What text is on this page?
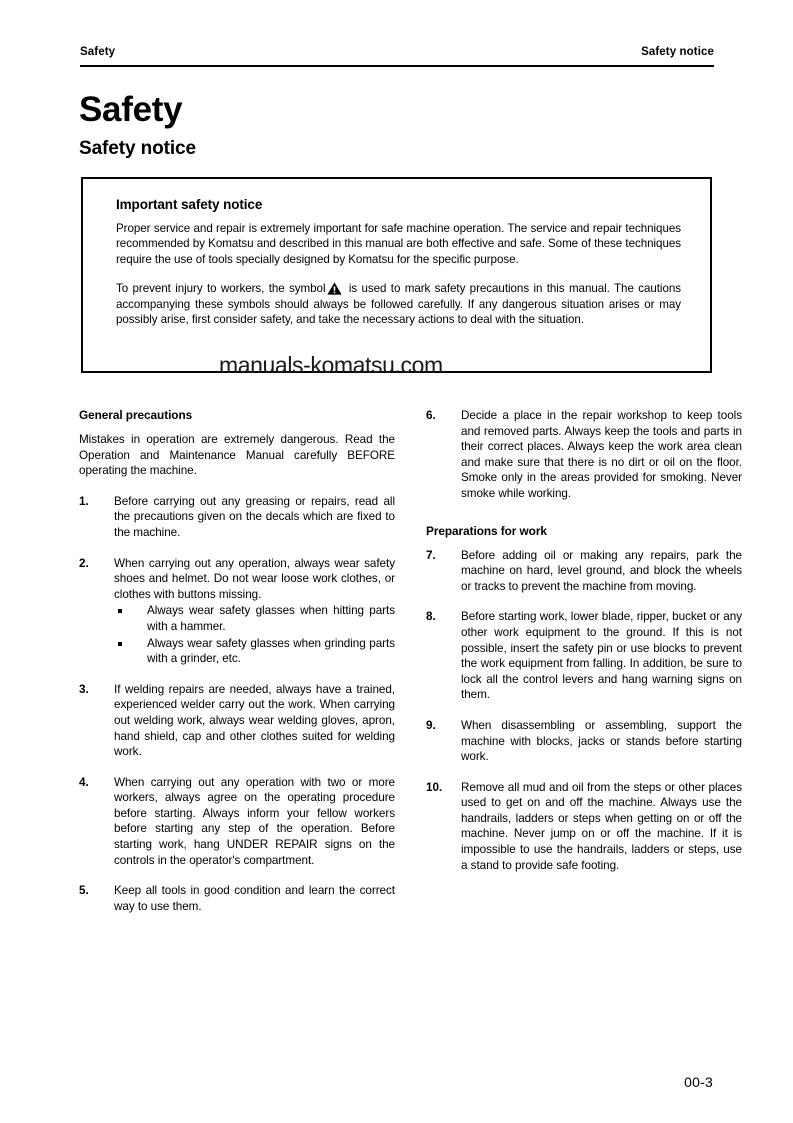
Safety	Safety notice
Safety
Safety notice
Important safety notice

Proper service and repair is extremely important for safe machine operation. The service and repair techniques recommended by Komatsu and described in this manual are both effective and safe. Some of these techniques require the use of tools specially designed by Komatsu for the specific purpose.

To prevent injury to workers, the symbol is used to mark safety precautions in this manual. The cautions accompanying these symbols should always be followed carefully. If any dangerous situation arises or may possibly arise, first consider safety, and take the necessary actions to deal with the situation.

manuals-komatsu.com
General precautions

Mistakes in operation are extremely dangerous. Read the Operation and Maintenance Manual carefully BEFORE operating the machine.

1.	Before carrying out any greasing or repairs, read all the precautions given on the decals which are fixed to the machine.
2.	When carrying out any operation, always wear safety shoes and helmet. Do not wear loose work clothes, or clothes with buttons missing.
Always wear safety glasses when hitting parts with a hammer.
Always wear safety glasses when grinding parts with a grinder, etc.
3.	If welding repairs are needed, always have a trained, experienced welder carry out the work. When carrying out welding work, always wear welding gloves, apron, hand shield, cap and other clothes suited for welding work.
4.	When carrying out any operation with two or more workers, always agree on the operating procedure before starting. Always inform your fellow workers before starting any step of the operation. Before starting work, hang UNDER REPAIR signs on the controls in the operator's compartment.
5.	Keep all tools in good condition and learn the correct way to use them.
6.	Decide a place in the repair workshop to keep tools and removed parts. Always keep the tools and parts in their correct places. Always keep the work area clean and make sure that there is no dirt or oil on the floor. Smoke only in the areas provided for smoking. Never smoke while working.
Preparations for work
7.	Before adding oil or making any repairs, park the machine on hard, level ground, and block the wheels or tracks to prevent the machine from moving.
8.	Before starting work, lower blade, ripper, bucket or any other work equipment to the ground. If this is not possible, insert the safety pin or use blocks to prevent the work equipment from falling. In addition, be sure to lock all the control levers and hang warning signs on them.
9.	When disassembling or assembling, support the machine with blocks, jacks or stands before starting work.
10.	Remove all mud and oil from the steps or other places used to get on and off the machine. Always use the handrails, ladders or steps when getting on or off the machine. Never jump on or off the machine. If it is impossible to use the handrails, ladders or steps, use a stand to provide safe footing.
00-3
